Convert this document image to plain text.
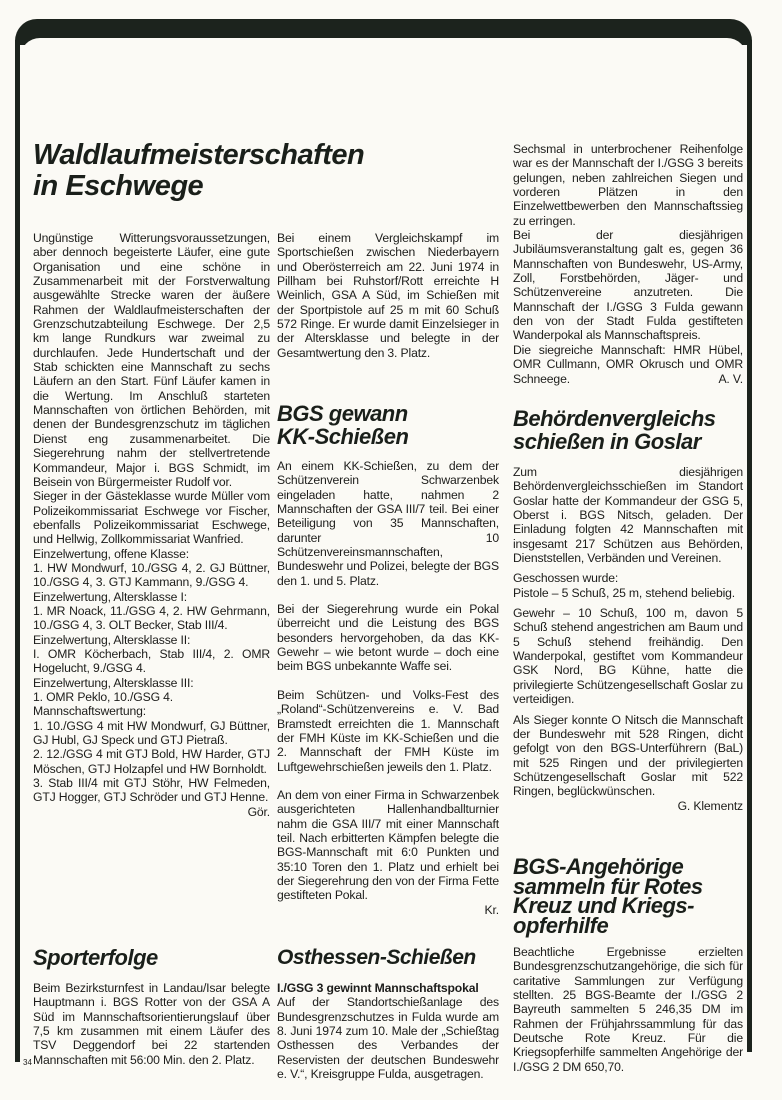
Waldlaufmeisterschaften
in Eschwege

Ungünstige Witterungsvoraussetzungen, aber dennoch begeisterte Läufer, eine gute Organisation und eine schöne in Zusammenarbeit mit der Forstverwaltung ausgewählte Strecke waren der äußere Rahmen der Waldlaufmeisterschaften der Grenzschutzabteilung Eschwege. Der 2,5 km lange Rundkurs war zweimal zu durchlaufen. Jede Hundertschaft und der Stab schickten eine Mannschaft zu sechs Läufern an den Start. Fünf Läufer kamen in die Wertung. Im Anschluß starteten Mannschaften von örtlichen Behörden, mit denen der Bundesgrenzschutz im täglichen Dienst eng zusammenarbeitet. Die Siegerehrung nahm der stellvertretende Kommandeur, Major i. BGS Schmidt, im Beisein von Bürgermeister Rudolf vor.

Sieger in der Gästeklasse wurde Müller vom Polizeikommissariat Eschwege vor Fischer, ebenfalls Polizeikommissariat Eschwege, und Hellwig, Zollkommissariat Wanfried.

Einzelwertung, offene Klasse:

1. HW Mondwurf, 10./GSG 4, 2. GJ Büttner, 10./GSG 4, 3. GTJ Kammann, 9./GSG 4.

Einzelwertung, Altersklasse I:

1. MR Noack, 11./GSG 4, 2. HW Gehrmann, 10./GSG 4, 3. OLT Becker, Stab III/4.

Einzelwertung, Altersklasse II:

I. OMR Köcherbach, Stab III/4, 2. OMR Hogelucht, 9./GSG 4.

Einzelwertung, Altersklasse III:

1. OMR Peklo, 10./GSG 4.

Mannschaftswertung:

1. 10./GSG 4 mit HW Mondwurf, GJ Büttner, GJ Hubl, GJ Speck und GTJ Pietraß.

2. 12./GSG 4 mit GTJ Bold, HW Harder, GTJ Möschen, GTJ Holzapfel und HW Bornholdt.

3. Stab III/4 mit GTJ Stöhr, HW Felmeden, GTJ Hogger, GTJ Schröder und GTJ Henne.

Gör.

Sporterfolge

Beim Bezirksturnfest in Landau/Isar belegte Hauptmann i. BGS Rotter von der GSA A Süd im Mannschaftsorientierungslauf über 7,5 km zusammen mit einem Läufer des TSV Deggendorf bei 22 startenden Mannschaften mit 56:00 Min. den 2. Platz.

34

Bei einem Vergleichskampf im Sportschießen zwischen Niederbayern und Oberösterreich am 22. Juni 1974 in Pillham bei Ruhstorf/Rott erreichte H Weinlich, GSA A Süd, im Schießen mit der Sportpistole auf 25 m mit 60 Schuß 572 Ringe. Er wurde damit Einzelsieger in der Altersklasse und belegte in der Gesamtwertung den 3. Platz.

BGS gewann
KK-Schießen

An einem KK-Schießen, zu dem der Schützenverein Schwarzenbek eingeladen hatte, nahmen 2 Mannschaften der GSA III/7 teil. Bei einer Beteiligung von 35 Mannschaften, darunter 10 Schützenvereinsmannschaften, Bundeswehr und Polizei, belegte der BGS den 1. und 5. Platz.

Bei der Siegerehrung wurde ein Pokal überreicht und die Leistung des BGS besonders hervorgehoben, da das KK-Gewehr – wie betont wurde – doch eine beim BGS unbekannte Waffe sei.

Beim Schützen- und Volks-Fest des „Roland“-Schützenvereins e. V. Bad Bramstedt erreichten die 1. Mannschaft der FMH Küste im KK-Schießen und die 2. Mannschaft der FMH Küste im Luftgewehrschießen jeweils den 1. Platz.

An dem von einer Firma in Schwarzenbek ausgerichteten Hallenhandballturnier nahm die GSA III/7 mit einer Mannschaft teil. Nach erbitterten Kämpfen belegte die BGS-Mannschaft mit 6:0 Punkten und 35:10 Toren den 1. Platz und erhielt bei der Siegerehrung den von der Firma Fette gestifteten Pokal.

Kr.

Osthessen-Schießen

I./GSG 3 gewinnt Mannschaftspokal

Auf der Standortschießanlage des Bundesgrenzschutzes in Fulda wurde am 8. Juni 1974 zum 10. Male der „Schießtag Osthessen des Verbandes der Reservisten der deutschen Bundeswehr e. V.“, Kreisgruppe Fulda, ausgetragen.

Sechsmal in unterbrochener Reihenfolge war es der Mannschaft der I./GSG 3 bereits gelungen, neben zahlreichen Siegen und vorderen Plätzen in den Einzelwettbewerben den Mannschaftssieg zu erringen.

Bei der diesjährigen Jubiläumsveranstaltung galt es, gegen 36 Mannschaften von Bundeswehr, US-Army, Zoll, Forstbehörden, Jäger- und Schützenvereine anzutreten. Die Mannschaft der I./GSG 3 Fulda gewann den von der Stadt Fulda gestifteten Wanderpokal als Mannschaftspreis.

Die siegreiche Mannschaft: HMR Hübel, OMR Cullmann, OMR Okrusch und OMR Schneege.	A. V.

Behördenvergleichs
schießen in Goslar

Zum diesjährigen Behördenvergleichsschießen im Standort Goslar hatte der Kommandeur der GSG 5, Oberst i. BGS Nitsch, geladen. Der Einladung folgten 42 Mannschaften mit insgesamt 217 Schützen aus Behörden, Dienststellen, Verbänden und Vereinen.

Geschossen wurde:

Pistole – 5 Schuß, 25 m, stehend beliebig.

Gewehr – 10 Schuß, 100 m, davon 5 Schuß stehend angestrichen am Baum und 5 Schuß stehend freihändig. Den Wanderpokal, gestiftet vom Kommandeur GSK Nord, BG Kühne, hatte die privilegierte Schützengesellschaft Goslar zu verteidigen.

Als Sieger konnte O Nitsch die Mannschaft der Bundeswehr mit 528 Ringen, dicht gefolgt von den BGS-Unterführern (BaL) mit 525 Ringen und der privilegierten Schützengesellschaft Goslar mit 522 Ringen, beglückwünschen.

G. Klementz

BGS-Angehörige
sammeln für Rotes
Kreuz und Kriegs-
opferhilfe

Beachtliche Ergebnisse erzielten Bundesgrenzschutzangehörige, die sich für caritative Sammlungen zur Verfügung stellten. 25 BGS-Beamte der I./GSG 2 Bayreuth sammelten 5 246,35 DM im Rahmen der Frühjahrssammlung für das Deutsche Rote Kreuz. Für die Kriegsopferhilfe sammelten Angehörige der I./GSG 2 DM 650,70.
